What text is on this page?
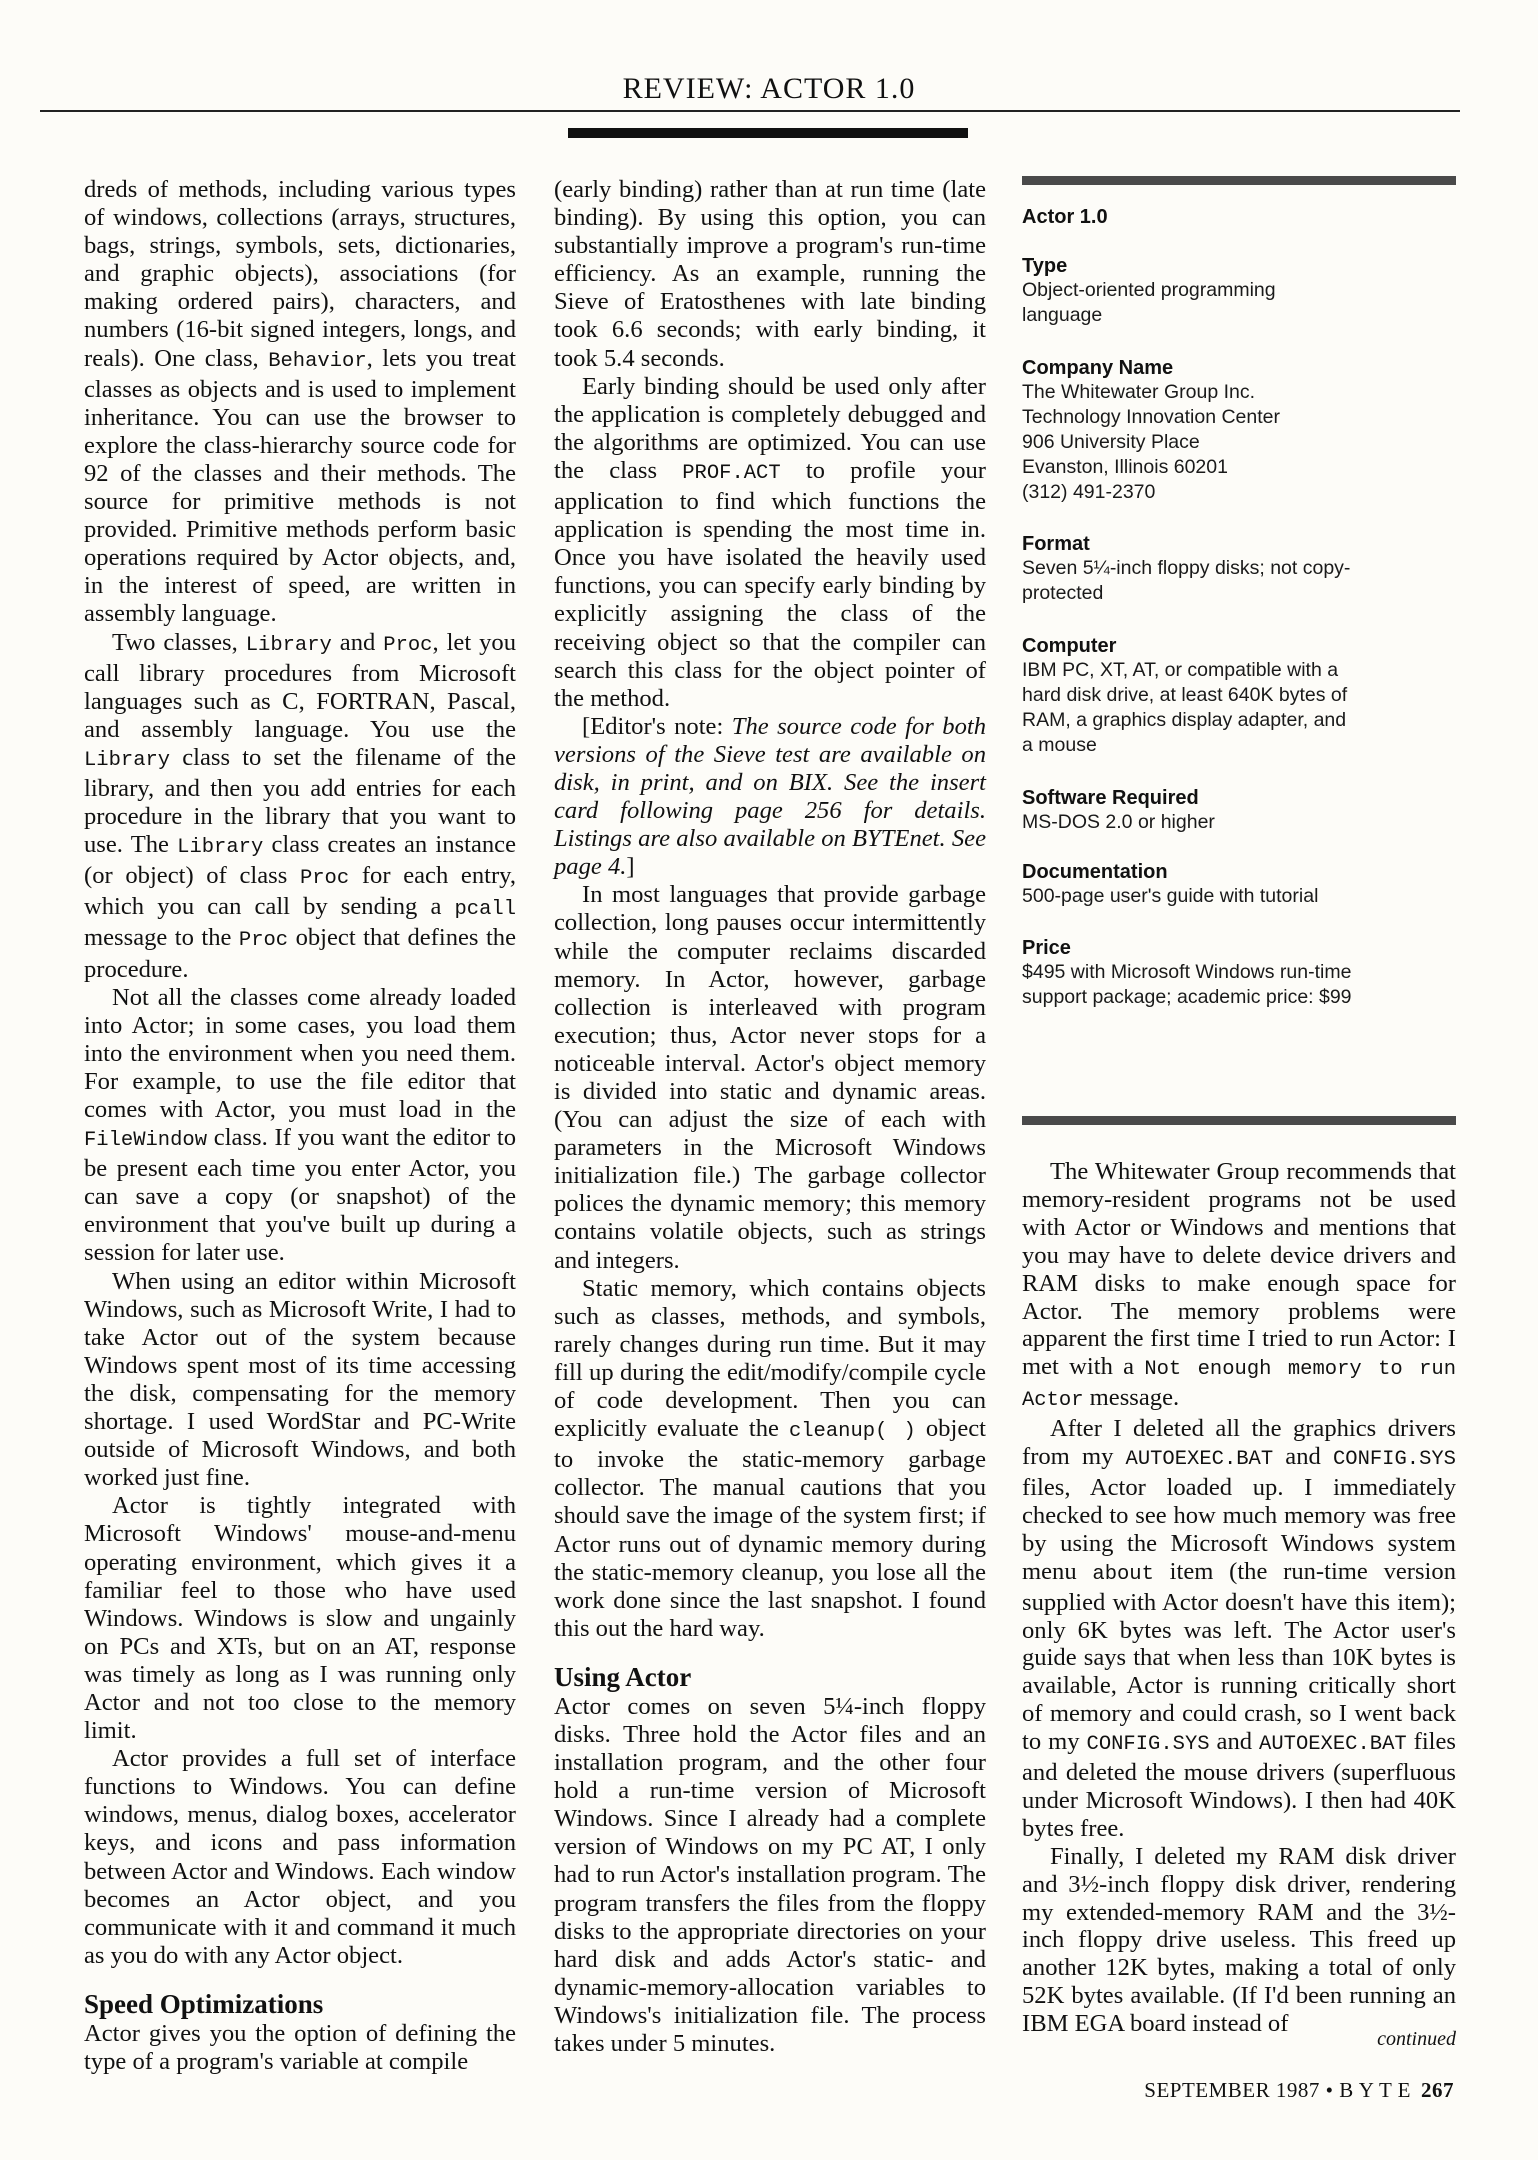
REVIEW: ACTOR 1.0

dreds of methods, including various types of windows, collections (arrays, structures, bags, strings, symbols, sets, dictionaries, and graphic objects), associations (for making ordered pairs), characters, and numbers (16-bit signed integers, longs, and reals). One class, Behavior, lets you treat classes as objects and is used to implement inheritance. You can use the browser to explore the class-hierarchy source code for 92 of the classes and their methods. The source for primitive methods is not provided. Primitive methods perform basic operations required by Actor objects, and, in the interest of speed, are written in assembly language.

Two classes, Library and Proc, let you call library procedures from Microsoft languages such as C, FORTRAN, Pascal, and assembly language. You use the Library class to set the filename of the library, and then you add entries for each procedure in the library that you want to use. The Library class creates an instance (or object) of class Proc for each entry, which you can call by sending a pcall message to the Proc object that defines the procedure.

Not all the classes come already loaded into Actor; in some cases, you load them into the environment when you need them. For example, to use the file editor that comes with Actor, you must load in the FileWindow class. If you want the editor to be present each time you enter Actor, you can save a copy (or snapshot) of the environment that you've built up during a session for later use.

When using an editor within Microsoft Windows, such as Microsoft Write, I had to take Actor out of the system because Windows spent most of its time accessing the disk, compensating for the memory shortage. I used WordStar and PC-Write outside of Microsoft Windows, and both worked just fine.

Actor is tightly integrated with Microsoft Windows' mouse-and-menu operating environment, which gives it a familiar feel to those who have used Windows. Windows is slow and ungainly on PCs and XTs, but on an AT, response was timely as long as I was running only Actor and not too close to the memory limit.

Actor provides a full set of interface functions to Windows. You can define windows, menus, dialog boxes, accelerator keys, and icons and pass information between Actor and Windows. Each window becomes an Actor object, and you communicate with it and command it much as you do with any Actor object.

Speed Optimizations

Actor gives you the option of defining the type of a program's variable at compile

(early binding) rather than at run time (late binding). By using this option, you can substantially improve a program's run-time efficiency. As an example, running the Sieve of Eratosthenes with late binding took 6.6 seconds; with early binding, it took 5.4 seconds.

Early binding should be used only after the application is completely debugged and the algorithms are optimized. You can use the class PROF.ACT to profile your application to find which functions the application is spending the most time in. Once you have isolated the heavily used functions, you can specify early binding by explicitly assigning the class of the receiving object so that the compiler can search this class for the object pointer of the method.

[Editor's note: The source code for both versions of the Sieve test are available on disk, in print, and on BIX. See the insert card following page 256 for details. Listings are also available on BYTEnet. See page 4.]

In most languages that provide garbage collection, long pauses occur intermittently while the computer reclaims discarded memory. In Actor, however, garbage collection is interleaved with program execution; thus, Actor never stops for a noticeable interval. Actor's object memory is divided into static and dynamic areas. (You can adjust the size of each with parameters in the Microsoft Windows initialization file.) The garbage collector polices the dynamic memory; this memory contains volatile objects, such as strings and integers.

Static memory, which contains objects such as classes, methods, and symbols, rarely changes during run time. But it may fill up during the edit/modify/compile cycle of code development. Then you can explicitly evaluate the cleanup( ) object to invoke the static-memory garbage collector. The manual cautions that you should save the image of the system first; if Actor runs out of dynamic memory during the static-memory cleanup, you lose all the work done since the last snapshot. I found this out the hard way.

Using Actor

Actor comes on seven 5¼-inch floppy disks. Three hold the Actor files and an installation program, and the other four hold a run-time version of Microsoft Windows. Since I already had a complete version of Windows on my PC AT, I only had to run Actor's installation program. The program transfers the files from the floppy disks to the appropriate directories on your hard disk and adds Actor's static- and dynamic-memory-allocation variables to Windows's initialization file. The process takes under 5 minutes.

Actor 1.0

Type

Object-oriented programming
language

Company Name

The Whitewater Group Inc.
Technology Innovation Center
906 University Place
Evanston, Illinois 60201
(312) 491-2370

Format

Seven 5¼-inch floppy disks; not copy-
protected

Computer

IBM PC, XT, AT, or compatible with a
hard disk drive, at least 640K bytes of
RAM, a graphics display adapter, and
a mouse

Software Required

MS-DOS 2.0 or higher

Documentation

500-page user's guide with tutorial

Price

$495 with Microsoft Windows run-time
support package; academic price: $99

The Whitewater Group recommends that memory-resident programs not be used with Actor or Windows and mentions that you may have to delete device drivers and RAM disks to make enough space for Actor. The memory problems were apparent the first time I tried to run Actor: I met with a Not enough memory to run Actor message.

After I deleted all the graphics drivers from my AUTOEXEC.BAT and CONFIG.SYS files, Actor loaded up. I immediately checked to see how much memory was free by using the Microsoft Windows system menu about item (the run-time version supplied with Actor doesn't have this item); only 6K bytes was left. The Actor user's guide says that when less than 10K bytes is available, Actor is running critically short of memory and could crash, so I went back to my CONFIG.SYS and AUTOEXEC.BAT files and deleted the mouse drivers (superfluous under Microsoft Windows). I then had 40K bytes free.

Finally, I deleted my RAM disk driver and 3½-inch floppy disk driver, rendering my extended-memory RAM and the 3½-inch floppy drive useless. This freed up another 12K bytes, making a total of only 52K bytes available. (If I'd been running an IBM EGA board instead of

continued
SEPTEMBER 1987 • B Y T E 267
